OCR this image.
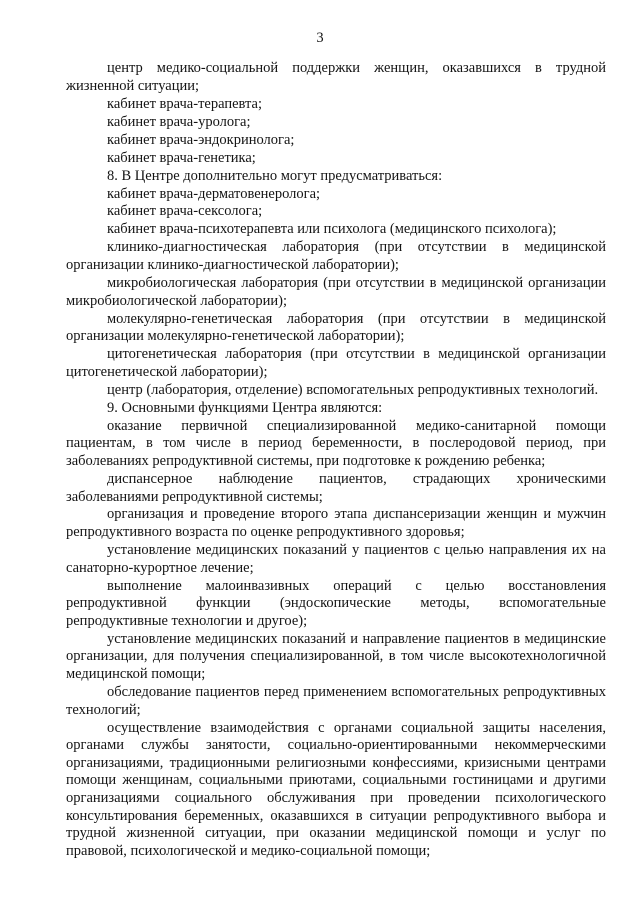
3

центр медико-социальной поддержки женщин, оказавшихся в трудной жизненной ситуации;

кабинет врача-терапевта;

кабинет врача-уролога;

кабинет врача-эндокринолога;

кабинет врача-генетика;

8. В Центре дополнительно могут предусматриваться:

кабинет врача-дерматовенеролога;

кабинет врача-сексолога;

кабинет врача-психотерапевта или психолога (медицинского психолога);

клинико-диагностическая лаборатория (при отсутствии в медицинской организации клинико-диагностической лаборатории);

микробиологическая лаборатория (при отсутствии в медицинской организации микробиологической лаборатории);

молекулярно-генетическая лаборатория (при отсутствии в медицинской организации молекулярно-генетической лаборатории);

цитогенетическая лаборатория (при отсутствии в медицинской организации цитогенетической лаборатории);

центр (лаборатория, отделение) вспомогательных репродуктивных технологий.

9. Основными функциями Центра являются:

оказание первичной специализированной медико-санитарной помощи пациентам, в том числе в период беременности, в послеродовой период, при заболеваниях репродуктивной системы, при подготовке к рождению ребенка;

диспансерное наблюдение пациентов, страдающих хроническими заболеваниями репродуктивной системы;

организация и проведение второго этапа диспансеризации женщин и мужчин репродуктивного возраста по оценке репродуктивного здоровья;

установление медицинских показаний у пациентов с целью направления их на санаторно-курортное лечение;

выполнение малоинвазивных операций с целью восстановления репродуктивной функции (эндоскопические методы, вспомогательные репродуктивные технологии и другое);

установление медицинских показаний и направление пациентов в медицинские организации, для получения специализированной, в том числе высокотехнологичной медицинской помощи;

обследование пациентов перед применением вспомогательных репродуктивных технологий;

осуществление взаимодействия с органами социальной защиты населения, органами службы занятости, социально-ориентированными некоммерческими организациями, традиционными религиозными конфессиями, кризисными центрами помощи женщинам, социальными приютами, социальными гостиницами и другими организациями социального обслуживания при проведении психологического консультирования беременных, оказавшихся в ситуации репродуктивного выбора и трудной жизненной ситуации, при оказании медицинской помощи и услуг по правовой, психологической и медико-социальной помощи;
